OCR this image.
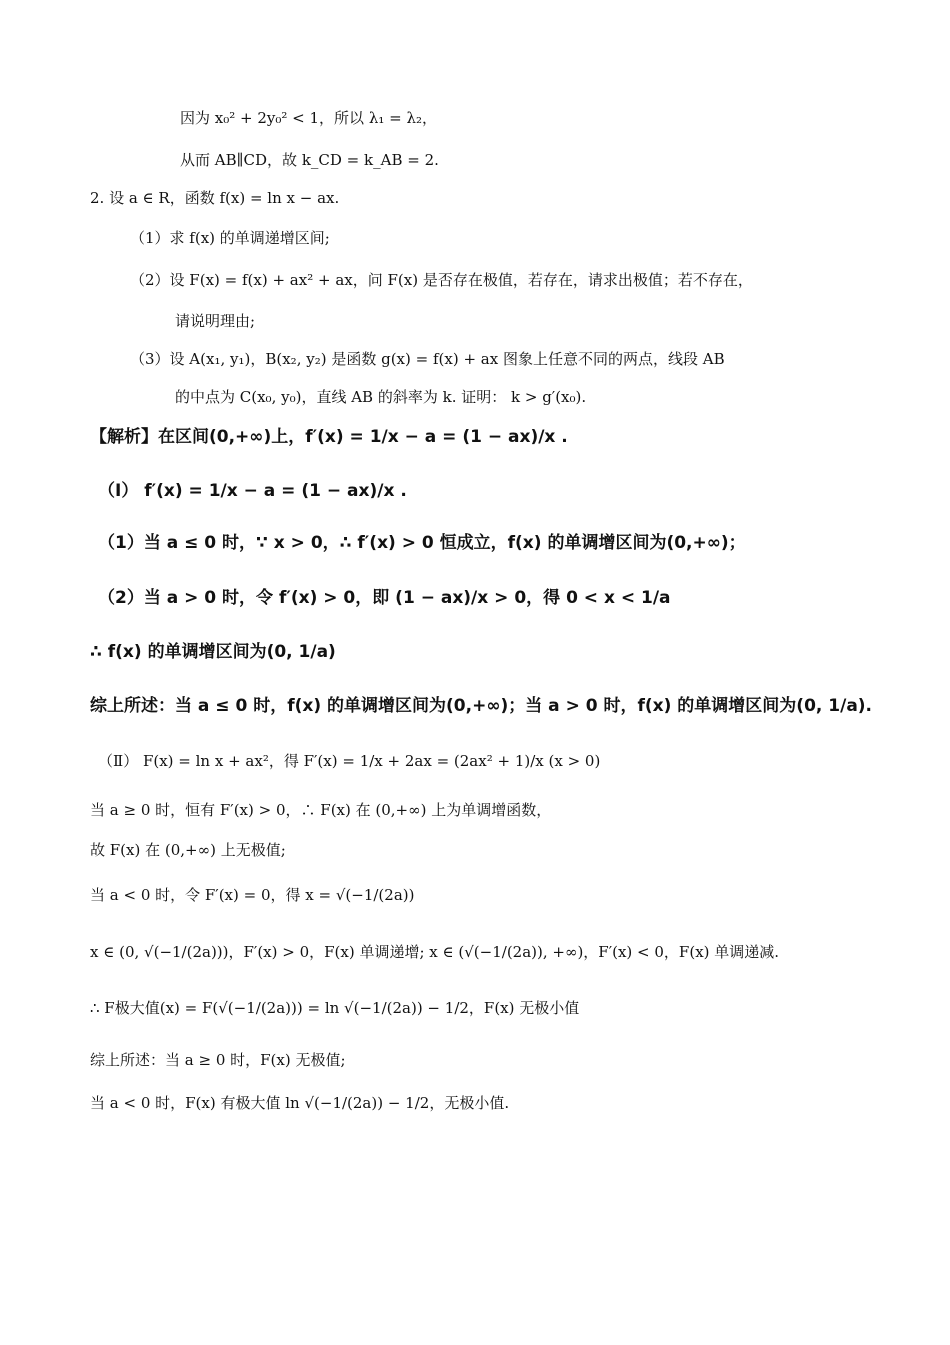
因为 x₀² + 2y₀² < 1，所以 λ₁ = λ₂，
从而 AB∥CD，故 k_CD = k_AB = 2.
2. 设 a ∈ R，函数 f(x) = ln x − ax.
（1）求 f(x) 的单调递增区间;
（2）设 F(x) = f(x) + ax² + ax，问 F(x) 是否存在极值，若存在，请求出极值；若不存在，
请说明理由;
（3）设 A(x₁, y₁)，B(x₂, y₂) 是函数 g(x) = f(x) + ax 图象上任意不同的两点，线段 AB
的中点为 C(x₀, y₀)，直线 AB 的斜率为 k. 证明： k > g′(x₀).
【解析】在区间(0,+∞)上，f′(x) = 1/x − a = (1 − ax)/x .
（Ⅰ） f′(x) = 1/x − a = (1 − ax)/x .
（1）当 a ≤ 0 时，∵ x > 0，∴ f′(x) > 0 恒成立，f(x) 的单调增区间为(0,+∞)；
（2）当 a > 0 时，令 f′(x) > 0，即 (1 − ax)/x > 0，得 0 < x < 1/a
∴ f(x) 的单调增区间为(0, 1/a)
综上所述：当 a ≤ 0 时，f(x) 的单调增区间为(0,+∞)；当 a > 0 时，f(x) 的单调增区间为(0, 1/a).
（Ⅱ） F(x) = ln x + ax²，得 F′(x) = 1/x + 2ax = (2ax² + 1)/x (x > 0)
当 a ≥ 0 时，恒有 F′(x) > 0，∴ F(x) 在 (0,+∞) 上为单调增函数，
故 F(x) 在 (0,+∞) 上无极值;
当 a < 0 时，令 F′(x) = 0，得 x = √(−1/(2a))
x ∈ (0, √(−1/(2a)))，F′(x) > 0，F(x) 单调递增; x ∈ (√(−1/(2a)), +∞)，F′(x) < 0，F(x) 单调递减.
∴ F极大值(x) = F(√(−1/(2a))) = ln √(−1/(2a)) − 1/2，F(x) 无极小值
综上所述：当 a ≥ 0 时，F(x) 无极值;
当 a < 0 时，F(x) 有极大值 ln √(−1/(2a)) − 1/2，无极小值.
